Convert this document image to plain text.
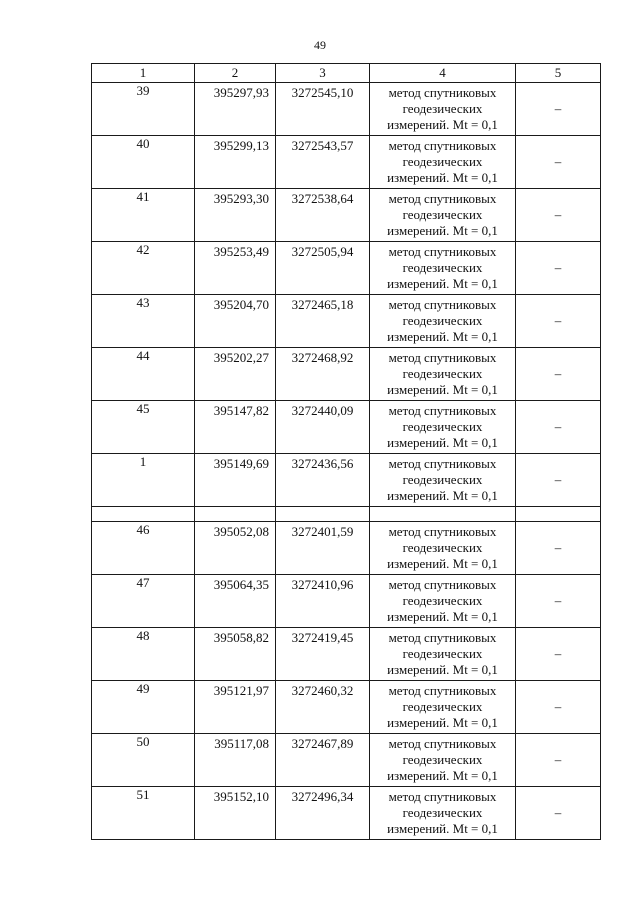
49
1	2	3	4	5
39	395297,93	3272545,10	метод спутниковых
геодезических
измерений. Mt = 0,1	–
40	395299,13	3272543,57	метод спутниковых
геодезических
измерений. Mt = 0,1	–
41	395293,30	3272538,64	метод спутниковых
геодезических
измерений. Mt = 0,1	–
42	395253,49	3272505,94	метод спутниковых
геодезических
измерений. Mt = 0,1	–
43	395204,70	3272465,18	метод спутниковых
геодезических
измерений. Mt = 0,1	–
44	395202,27	3272468,92	метод спутниковых
геодезических
измерений. Mt = 0,1	–
45	395147,82	3272440,09	метод спутниковых
геодезических
измерений. Mt = 0,1	–
1	395149,69	3272436,56	метод спутниковых
геодезических
измерений. Mt = 0,1	–

46	395052,08	3272401,59	метод спутниковых
геодезических
измерений. Mt = 0,1	–
47	395064,35	3272410,96	метод спутниковых
геодезических
измерений. Mt = 0,1	–
48	395058,82	3272419,45	метод спутниковых
геодезических
измерений. Mt = 0,1	–
49	395121,97	3272460,32	метод спутниковых
геодезических
измерений. Mt = 0,1	–
50	395117,08	3272467,89	метод спутниковых
геодезических
измерений. Mt = 0,1	–
51	395152,10	3272496,34	метод спутниковых
геодезических
измерений. Mt = 0,1	–
